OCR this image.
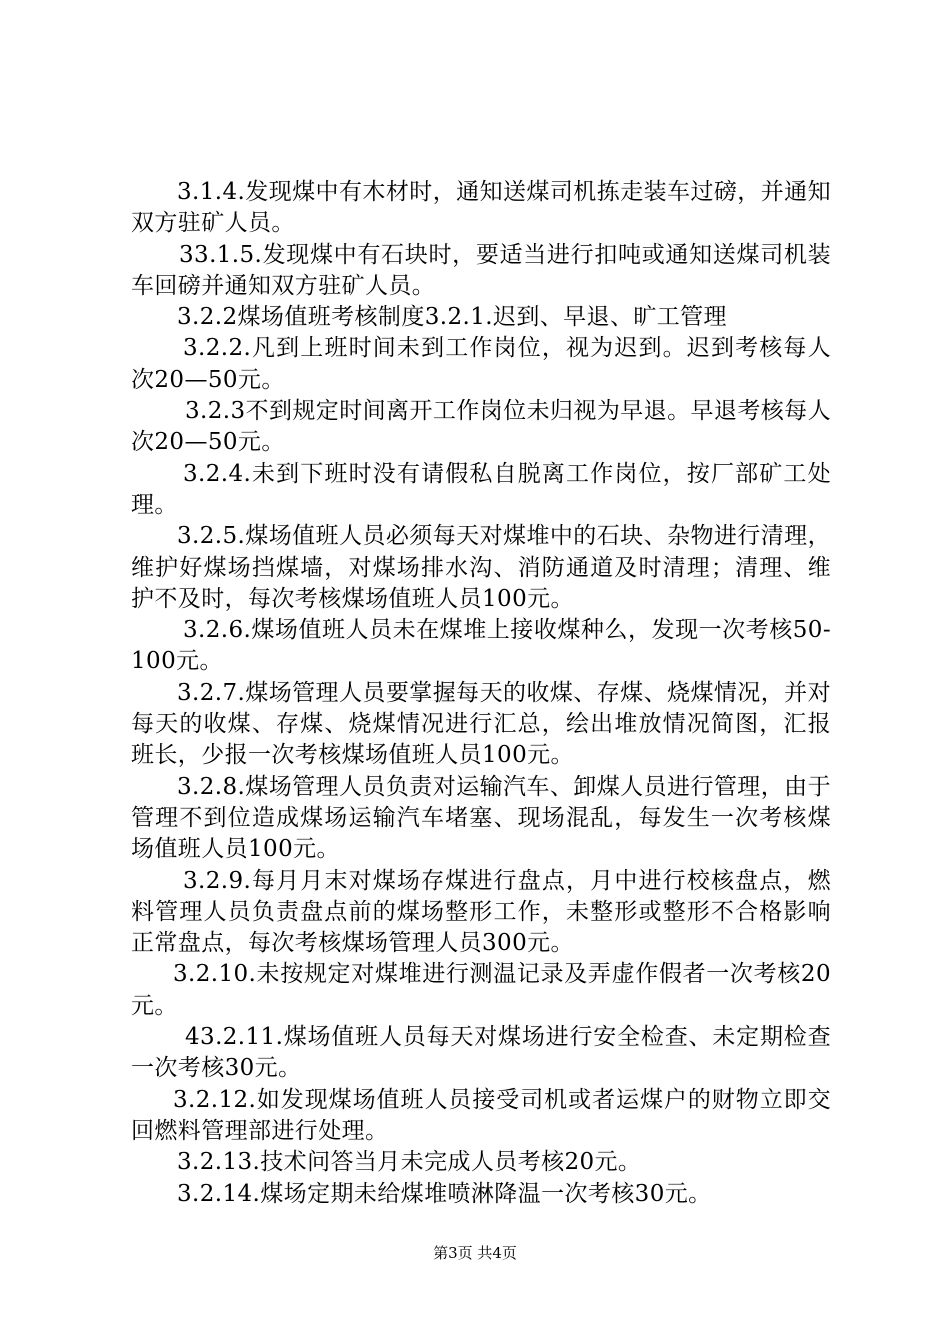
3.1.4.发现煤中有木材时，通知送煤司机拣走装车过磅，并通知双方驻矿人员。

33.1.5.发现煤中有石块时，要适当进行扣吨或通知送煤司机装车回磅并通知双方驻矿人员。

3.2.2煤场值班考核制度3.2.1.迟到、早退、旷工管理

3.2.2.凡到上班时间未到工作岗位，视为迟到。迟到考核每人次20—50元。

3.2.3不到规定时间离开工作岗位未归视为早退。早退考核每人次20—50元。

3.2.4.未到下班时没有请假私自脱离工作岗位，按厂部矿工处理。

3.2.5.煤场值班人员必须每天对煤堆中的石块、杂物进行清理，维护好煤场挡煤墙，对煤场排水沟、消防通道及时清理；清理、维护不及时，每次考核煤场值班人员100元。

3.2.6.煤场值班人员未在煤堆上接收煤种么，发现一次考核50-100元。

3.2.7.煤场管理人员要掌握每天的收煤、存煤、烧煤情况，并对每天的收煤、存煤、烧煤情况进行汇总，绘出堆放情况简图，汇报班长，少报一次考核煤场值班人员100元。

3.2.8.煤场管理人员负责对运输汽车、卸煤人员进行管理，由于管理不到位造成煤场运输汽车堵塞、现场混乱，每发生一次考核煤场值班人员100元。

3.2.9.每月月末对煤场存煤进行盘点，月中进行校核盘点，燃料管理人员负责盘点前的煤场整形工作，未整形或整形不合格影响正常盘点，每次考核煤场管理人员300元。

3.2.10.未按规定对煤堆进行测温记录及弄虚作假者一次考核20元。

43.2.11.煤场值班人员每天对煤场进行安全检查、未定期检查一次考核30元。

3.2.12.如发现煤场值班人员接受司机或者运煤户的财物立即交回燃料管理部进行处理。

3.2.13.技术问答当月未完成人员考核20元。

3.2.14.煤场定期未给煤堆喷淋降温一次考核30元。

第3页 共4页
